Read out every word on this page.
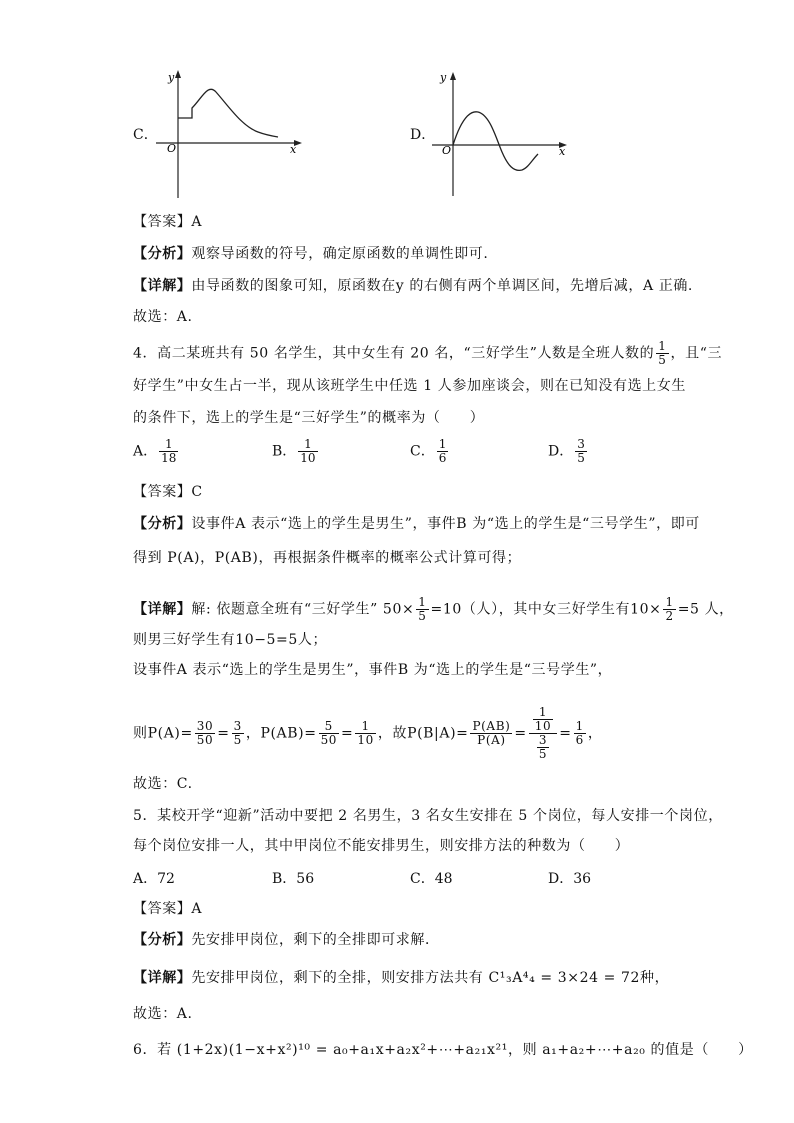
C．
y
x
O
D．
y
x
O
【答案】A
【分析】观察导函数的符号，确定原函数的单调性即可.
【详解】由导函数的图象可知，原函数在y 的右侧有两个单调区间，先增后减，A 正确.
故选：A.
4．高二某班共有 50 名学生，其中女生有 20 名，“三好学生”人数是全班人数的 $\frac{1}{5}$ ，且“三
好学生”中女生占一半，现从该班学生中任选 1 人参加座谈会，则在已知没有选上女生
的条件下，选上的学生是“三好学生”的概率为（　　）
A． $\frac{1}{18}$	B． $\frac{1}{10}$	C． $\frac{1}{6}$	D． $\frac{3}{5}$
【答案】C
【分析】设事件A 表示“选上的学生是男生”，事件B 为“选上的学生是“三号学生”，即可
得到 P(A)，P(AB)，再根据条件概率的概率公式计算可得；
【详解】解: 依题意全班有“三好学生” $50\times \frac{1}{5} =10$（人），其中女三好学生有$10\times \frac{1}{2} =5$ 人，
则男三好学生有10−5=5人；
设事件A 表示“选上的学生是男生”，事件B 为“选上的学生是“三号学生”，
则$P(A)= \frac{30}{50} = \frac{3}{5}$ ，$P(AB)= \frac{5}{50} = \frac{1}{10}$ ，故$P(B|A)= \frac{P(AB)}{P(A)} = \frac{\frac{1}{10}}{\frac{3}{5}} = \frac{1}{6}$ ，
故选：C.
5．某校开学“迎新”活动中要把 2 名男生，3 名女生安排在 5 个岗位，每人安排一个岗位，
每个岗位安排一人，其中甲岗位不能安排男生，则安排方法的种数为（　　）
A．72	B．56	C．48	D．36
【答案】A
【分析】先安排甲岗位，剩下的全排即可求解．
【详解】先安排甲岗位，剩下的全排，则安排方法共有 C¹₃A⁴₄ = 3×24 = 72种，
故选：A.
6．若 (1+2x)(1−x+x²)¹⁰ = a₀+a₁x+a₂x²+⋯+a₂₁x²¹，则 a₁+a₂+⋯+a₂₀ 的值是（　　）
